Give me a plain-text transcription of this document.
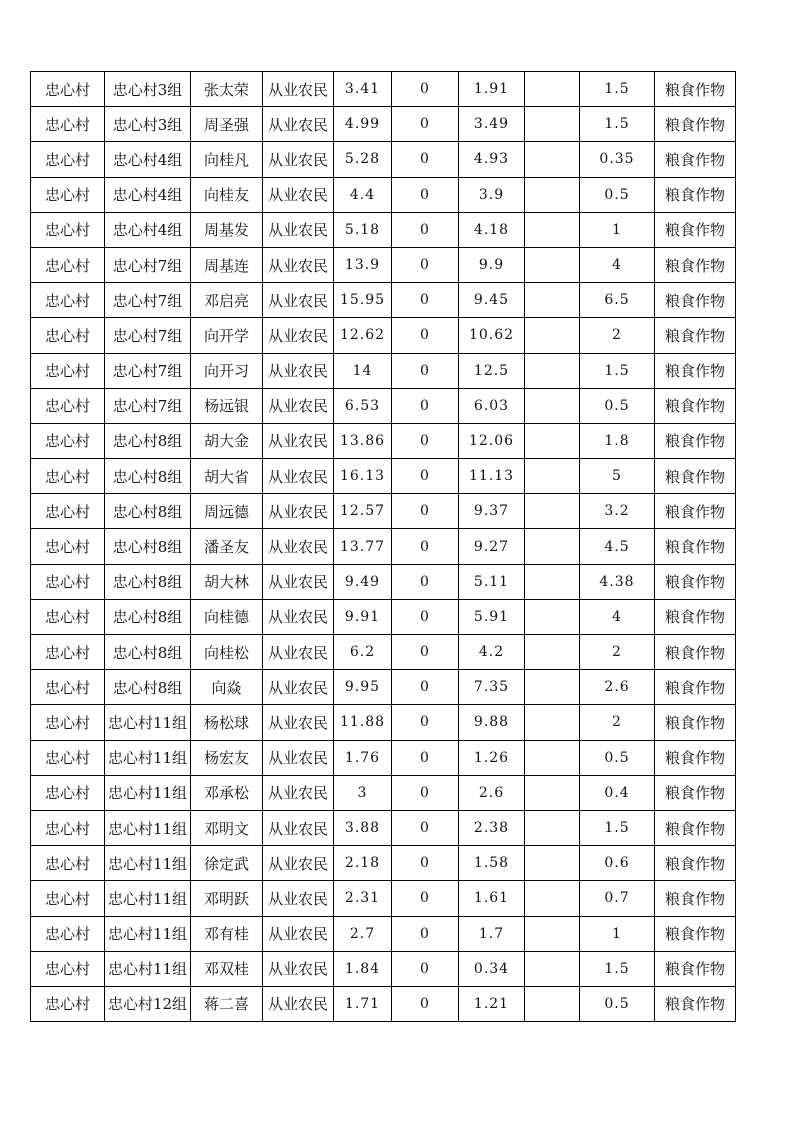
忠心村	忠心村3组	张太荣	从业农民	3.41	0	1.91		1.5	粮食作物
忠心村	忠心村3组	周圣强	从业农民	4.99	0	3.49		1.5	粮食作物
忠心村	忠心村4组	向桂凡	从业农民	5.28	0	4.93		0.35	粮食作物
忠心村	忠心村4组	向桂友	从业农民	4.4	0	3.9		0.5	粮食作物
忠心村	忠心村4组	周基发	从业农民	5.18	0	4.18		1	粮食作物
忠心村	忠心村7组	周基连	从业农民	13.9	0	9.9		4	粮食作物
忠心村	忠心村7组	邓启亮	从业农民	15.95	0	9.45		6.5	粮食作物
忠心村	忠心村7组	向开学	从业农民	12.62	0	10.62		2	粮食作物
忠心村	忠心村7组	向开习	从业农民	14	0	12.5		1.5	粮食作物
忠心村	忠心村7组	杨远银	从业农民	6.53	0	6.03		0.5	粮食作物
忠心村	忠心村8组	胡大金	从业农民	13.86	0	12.06		1.8	粮食作物
忠心村	忠心村8组	胡大省	从业农民	16.13	0	11.13		5	粮食作物
忠心村	忠心村8组	周远德	从业农民	12.57	0	9.37		3.2	粮食作物
忠心村	忠心村8组	潘圣友	从业农民	13.77	0	9.27		4.5	粮食作物
忠心村	忠心村8组	胡大林	从业农民	9.49	0	5.11		4.38	粮食作物
忠心村	忠心村8组	向桂德	从业农民	9.91	0	5.91		4	粮食作物
忠心村	忠心村8组	向桂松	从业农民	6.2	0	4.2		2	粮食作物
忠心村	忠心村8组	向焱	从业农民	9.95	0	7.35		2.6	粮食作物
忠心村	忠心村11组	杨松球	从业农民	11.88	0	9.88		2	粮食作物
忠心村	忠心村11组	杨宏友	从业农民	1.76	0	1.26		0.5	粮食作物
忠心村	忠心村11组	邓承松	从业农民	3	0	2.6		0.4	粮食作物
忠心村	忠心村11组	邓明文	从业农民	3.88	0	2.38		1.5	粮食作物
忠心村	忠心村11组	徐定武	从业农民	2.18	0	1.58		0.6	粮食作物
忠心村	忠心村11组	邓明跃	从业农民	2.31	0	1.61		0.7	粮食作物
忠心村	忠心村11组	邓有桂	从业农民	2.7	0	1.7		1	粮食作物
忠心村	忠心村11组	邓双桂	从业农民	1.84	0	0.34		1.5	粮食作物
忠心村	忠心村12组	蒋二喜	从业农民	1.71	0	1.21		0.5	粮食作物
